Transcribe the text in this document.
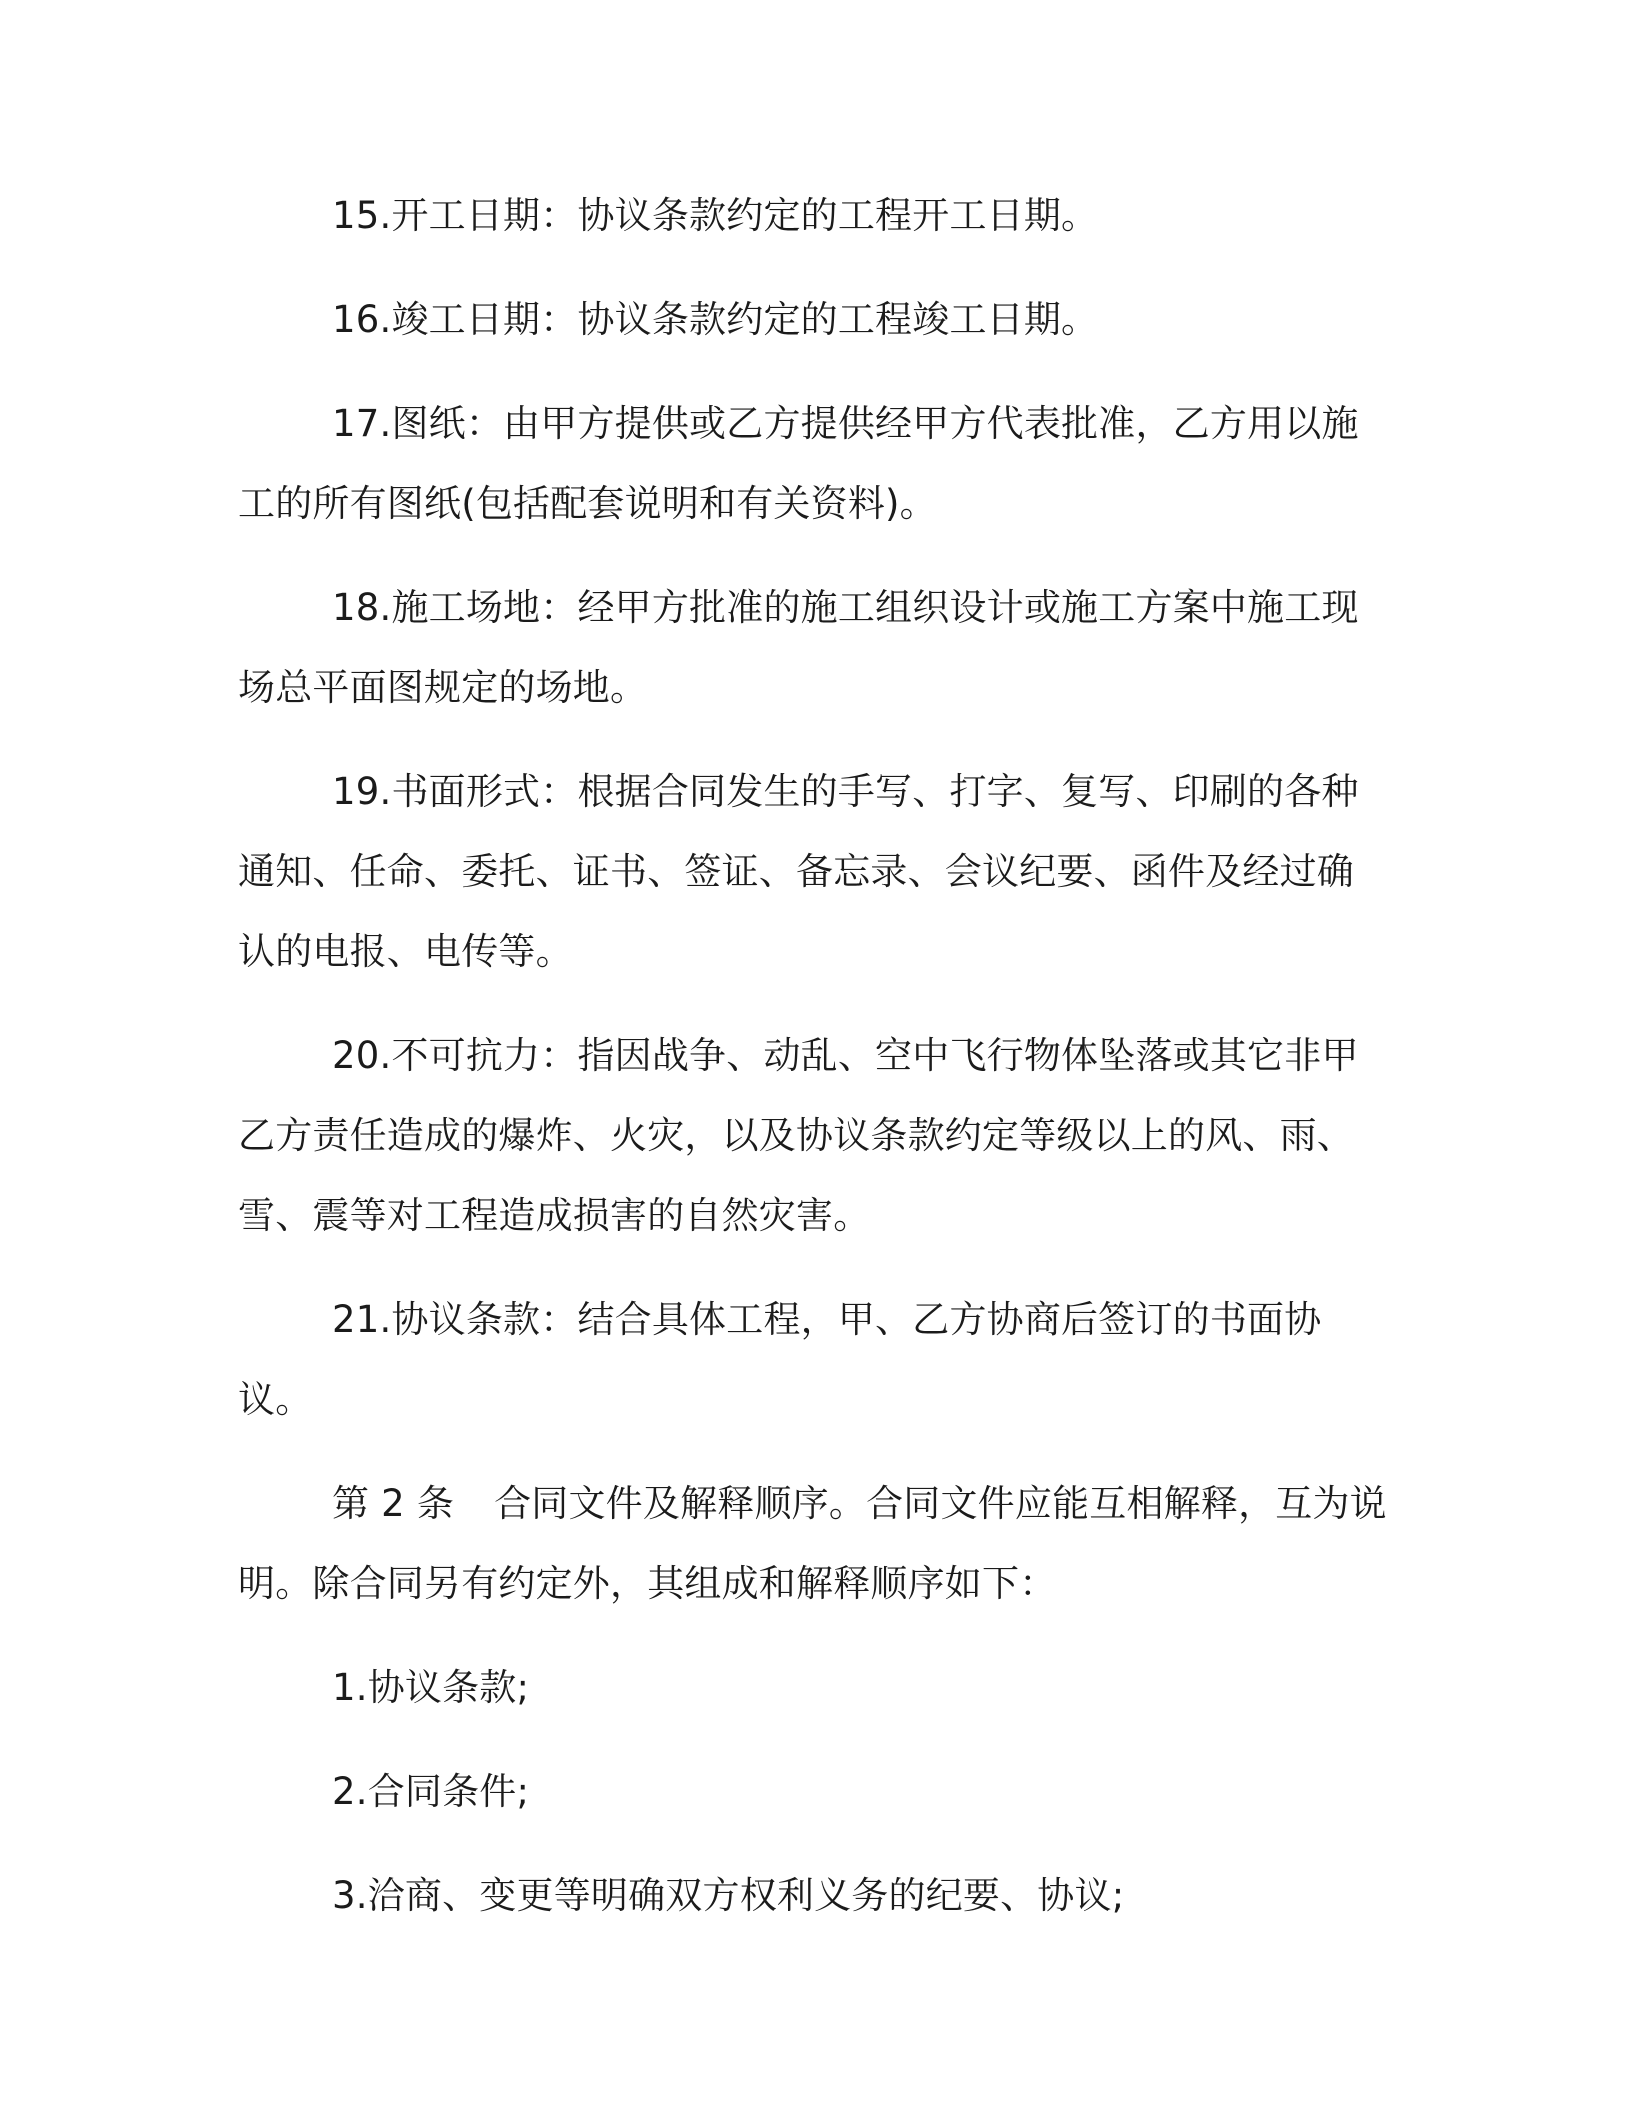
15.开工日期：协议条款约定的工程开工日期。

16.竣工日期：协议条款约定的工程竣工日期。

17.图纸：由甲方提供或乙方提供经甲方代表批准，乙方用以施工的所有图纸(包括配套说明和有关资料)。

18.施工场地：经甲方批准的施工组织设计或施工方案中施工现场总平面图规定的场地。

19.书面形式：根据合同发生的手写、打字、复写、印刷的各种通知、任命、委托、证书、签证、备忘录、会议纪要、函件及经过确认的电报、电传等。

20.不可抗力：指因战争、动乱、空中飞行物体坠落或其它非甲乙方责任造成的爆炸、火灾，以及协议条款约定等级以上的风、雨、雪、震等对工程造成损害的自然灾害。

21.协议条款：结合具体工程，甲、乙方协商后签订的书面协议。

第 2 条 合同文件及解释顺序。合同文件应能互相解释，互为说明。除合同另有约定外，其组成和解释顺序如下：

1.协议条款;

2.合同条件;

3.洽商、变更等明确双方权利义务的纪要、协议;
